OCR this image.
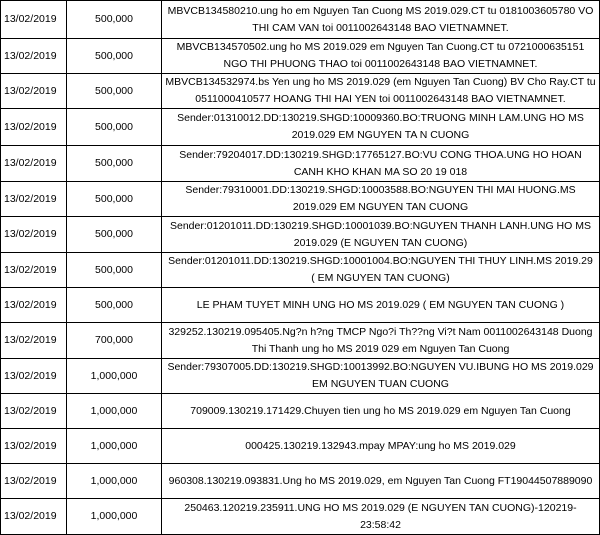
13/02/2019	500,000	MBVCB134580210.ung ho em Nguyen Tan Cuong MS 2019.029.CT tu 0181003605780 VO THI CAM VAN toi 0011002643148 BAO VIETNAMNET.
13/02/2019	500,000	MBVCB134570502.ung ho MS 2019.029 em Nguyen Tan Cuong.CT tu 0721000635151 NGO THI PHUONG THAO toi 0011002643148 BAO VIETNAMNET.
13/02/2019	500,000	MBVCB134532974.bs Yen ung ho MS 2019.029 (em Nguyen Tan Cuong) BV Cho Ray.CT tu 0511000410577 HOANG THI HAI YEN toi 0011002643148 BAO VIETNAMNET.
13/02/2019	500,000	Sender:01310012.DD:130219.SHGD:10009360.BO:TRUONG MINH LAM.UNG HO MS 2019.029 EM NGUYEN TA N CUONG
13/02/2019	500,000	Sender:79204017.DD:130219.SHGD:17765127.BO:VU CONG THOA.UNG HO HOAN CANH KHO KHAN MA SO 20 19 018
13/02/2019	500,000	Sender:79310001.DD:130219.SHGD:10003588.BO:NGUYEN THI MAI HUONG.MS 2019.029 EM NGUYEN TAN CUONG
13/02/2019	500,000	Sender:01201011.DD:130219.SHGD:10001039.BO:NGUYEN THANH LANH.UNG HO MS 2019.029 (E NGUYEN TAN CUONG)
13/02/2019	500,000	Sender:01201011.DD:130219.SHGD:10001004.BO:NGUYEN THI THUY LINH.MS 2019.29 ( EM NGUYEN TAN CUONG)
13/02/2019	500,000	LE PHAM TUYET MINH UNG HO MS 2019.029 ( EM NGUYEN TAN CUONG )
13/02/2019	700,000	329252.130219.095405.Ng?n h?ng TMCP Ngo?i Th??ng Vi?t Nam 0011002643148 Duong Thi Thanh ung ho MS 2019 029 em Nguyen Tan Cuong
13/02/2019	1,000,000	Sender:79307005.DD:130219.SHGD:10013992.BO:NGUYEN VU.IBUNG HO MS 2019.029 EM NGUYEN TUAN CUONG
13/02/2019	1,000,000	709009.130219.171429.Chuyen tien ung ho MS 2019.029 em Nguyen Tan Cuong
13/02/2019	1,000,000	000425.130219.132943.mpay MPAY:ung ho MS 2019.029
13/02/2019	1,000,000	960308.130219.093831.Ung ho MS 2019.029, em Nguyen Tan Cuong FT19044507889090
13/02/2019	1,000,000	250463.120219.235911.UNG HO MS 2019.029 (E NGUYEN TAN CUONG)-120219-23:58:42
